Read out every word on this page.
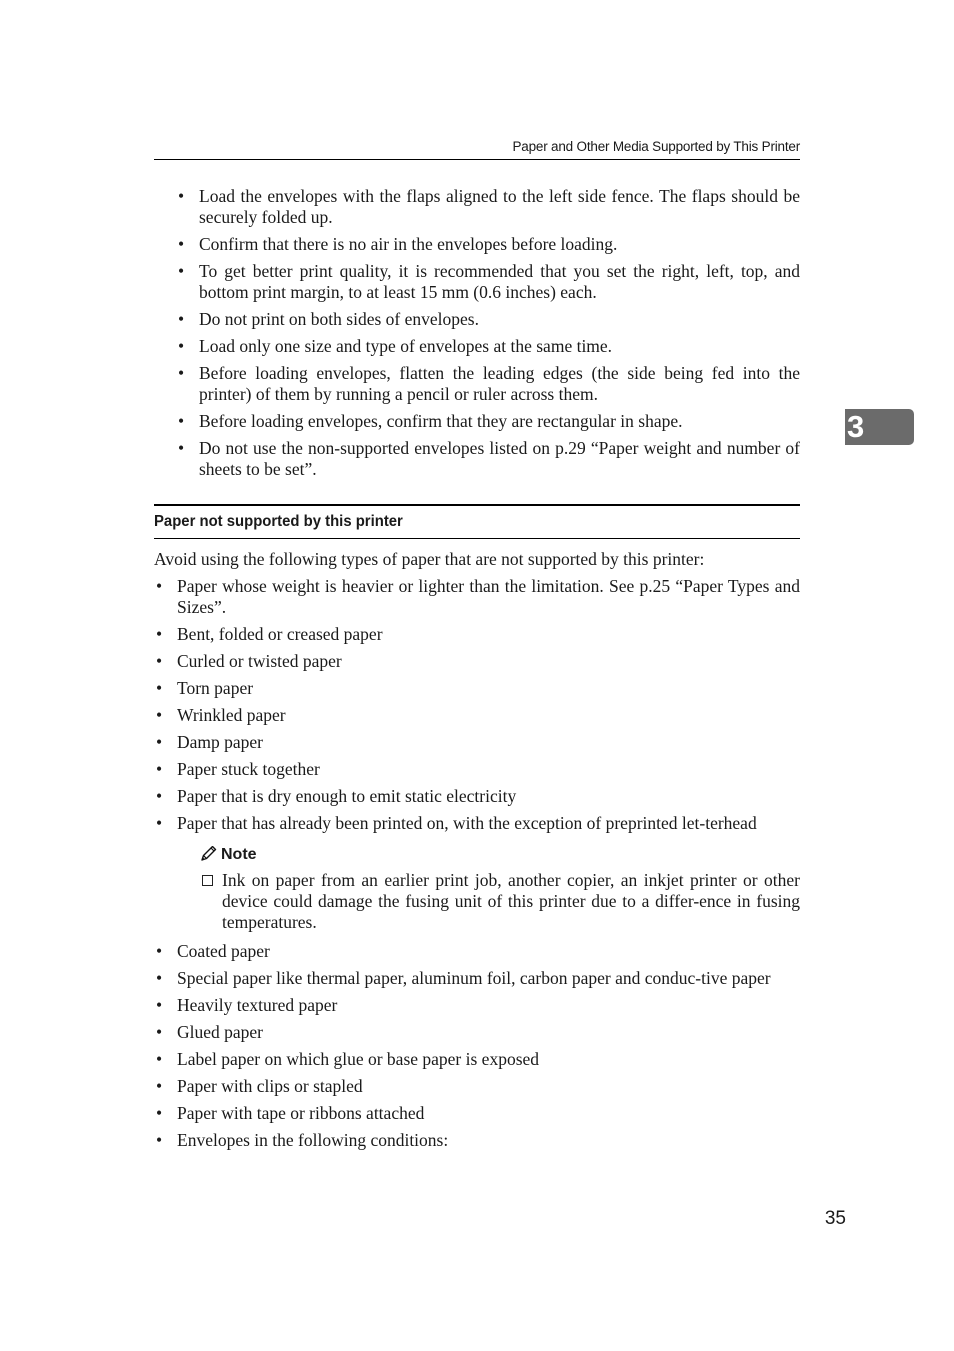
Paper and Other Media Supported by This Printer
3
• Load the envelopes with the flaps aligned to the left side fence. The flaps should be securely folded up.
• Confirm that there is no air in the envelopes before loading.
• To get better print quality, it is recommended that you set the right, left, top, and bottom print margin, to at least 15 mm (0.6 inches) each.
• Do not print on both sides of envelopes.
• Load only one size and type of envelopes at the same time.
• Before loading envelopes, flatten the leading edges (the side being fed into the printer) of them by running a pencil or ruler across them.
• Before loading envelopes, confirm that they are rectangular in shape.
• Do not use the non-supported envelopes listed on p.29 “Paper weight and number of sheets to be set”.
Paper not supported by this printer
Avoid using the following types of paper that are not supported by this printer:
• Paper whose weight is heavier or lighter than the limitation. See p.25 “Paper Types and Sizes”.
• Bent, folded or creased paper
• Curled or twisted paper
• Torn paper
• Wrinkled paper
• Damp paper
• Paper stuck together
• Paper that is dry enough to emit static electricity
• Paper that has already been printed on, with the exception of preprinted let-terhead
Note
Ink on paper from an earlier print job, another copier, an inkjet printer or other device could damage the fusing unit of this printer due to a differ-ence in fusing temperatures.
• Coated paper
• Special paper like thermal paper, aluminum foil, carbon paper and conduc-tive paper
• Heavily textured paper
• Glued paper
• Label paper on which glue or base paper is exposed
• Paper with clips or stapled
• Paper with tape or ribbons attached
• Envelopes in the following conditions:
35
